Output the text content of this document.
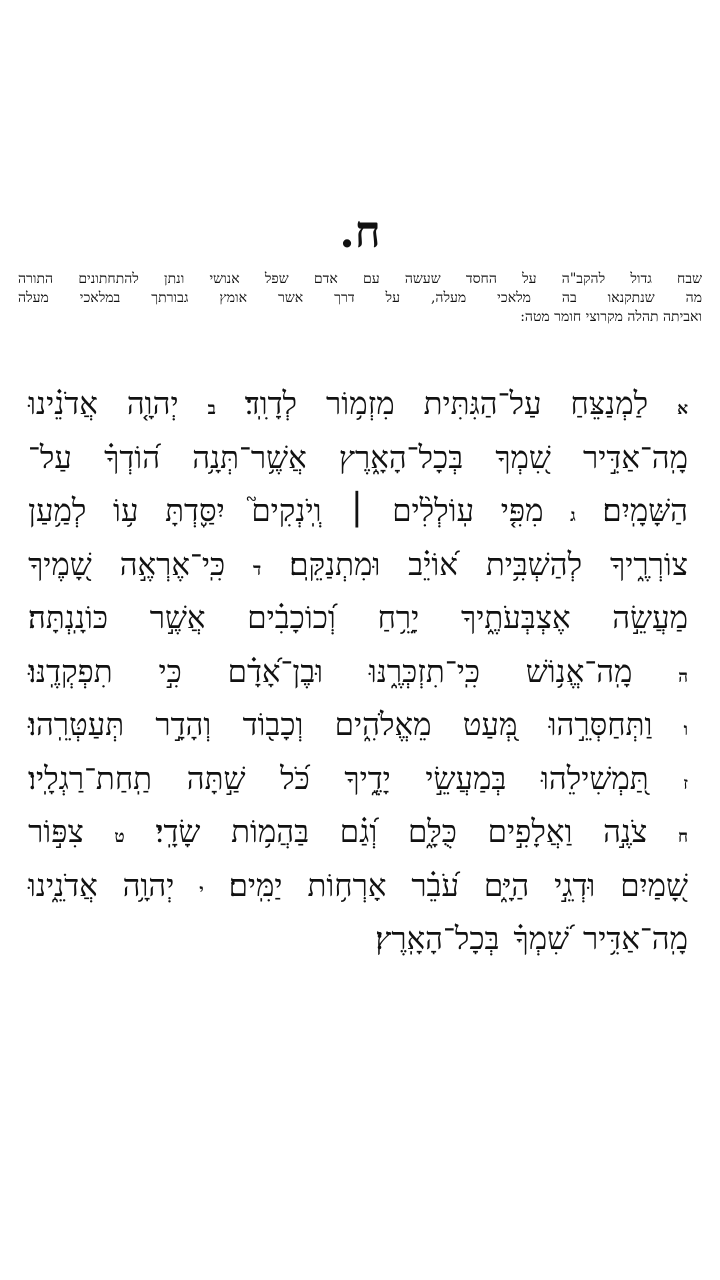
ח.
שבח גדול להקב"ה על החסד שעשה עם אדם שפל אנושי ונתן להתחתונים התורה
מה שנתקנאו בה מלאכי מעלה, על דרך אשר אומץ גבורתך במלאכי מעלה
ואביתה תהלה מקרוצי חומר מטה:
א
לַמְנַצֵּחַ
עַל־הַגִּתִּית
מִזְמ֥וֹר
לְדָוִֽד׃
ב
יְהוָ֤ה
אֲדֹנֵ֗ינוּ
מָֽה־אַדִּ֣יר
שִׁ֭מְךָ
בְּכָל־הָאָ֑רֶץ
אֲשֶׁ֥ר־תְּנָ֥ה
ה֝וֹדְךָ֗
עַל־
הַשָּׁמָֽיִם׃
ג
מִפִּ֤י
עֽוֹלְלִ֨ים
׀
וְֽיֹנְקִים֮
יִסַּ֪דְתָּ
ע֥וֹ
לְמַ֥עַן
צוֹרְרֶ֑יךָ
לְהַשְׁבִּ֥ית
א֝וֹיֵ֗ב
וּמִתְנַקֵּֽם׃
ד
כִּֽי־אֶרְאֶ֣ה
שָׁ֭מֶיךָ
מַעֲשֵׂ֣ה
אֶצְבְּעֹתֶ֑יךָ
יָרֵ֥חַ
וְ֝כוֹכָבִ֗ים
אֲשֶׁ֣ר
כּוֹנָֽנְתָּה׃
ה
מָֽה־אֱנ֥וֹשׁ
כִּֽי־תִזְכְּרֶ֑נּוּ
וּבֶן־אָ֝דָ֗ם
כִּ֣י
תִפְקְדֶֽנּוּ׃
ו
וַתְּחַסְּרֵ֣הוּ
מְּ֭עַט
מֵאֱלֹהִ֑ים
וְכָב֖וֹד
וְהָדָ֣ר
תְּעַטְּרֵֽהוּ׃
ז
תַּ֭מְשִׁילֵהוּ
בְּמַעֲשֵׂ֣י
יָדֶ֑יךָ
כֹּ֝ל
שַׁ֣תָּה
תַֽחַת־רַגְלָֽיו׃
ח
צֹנֶ֣ה
וַאֲלָפִ֣ים
כֻּלָּ֑ם
וְ֝גַ֗ם
בַּהֲמ֥וֹת
שָׂדָֽי׃
ט
צִפּ֣וֹר
שָׁ֭מַיִם
וּדְגֵ֣י
הַיָּ֑ם
עֹ֝בֵ֗ר
אָרְח֥וֹת
יַמִּֽים׃
י
יְהוָ֥ה
אֲדֹנֵ֑ינוּ
מָֽה־אַדִּ֥יר
שִׁ֝מְךָ֗
בְּכָל־הָאָֽרֶץ׃
